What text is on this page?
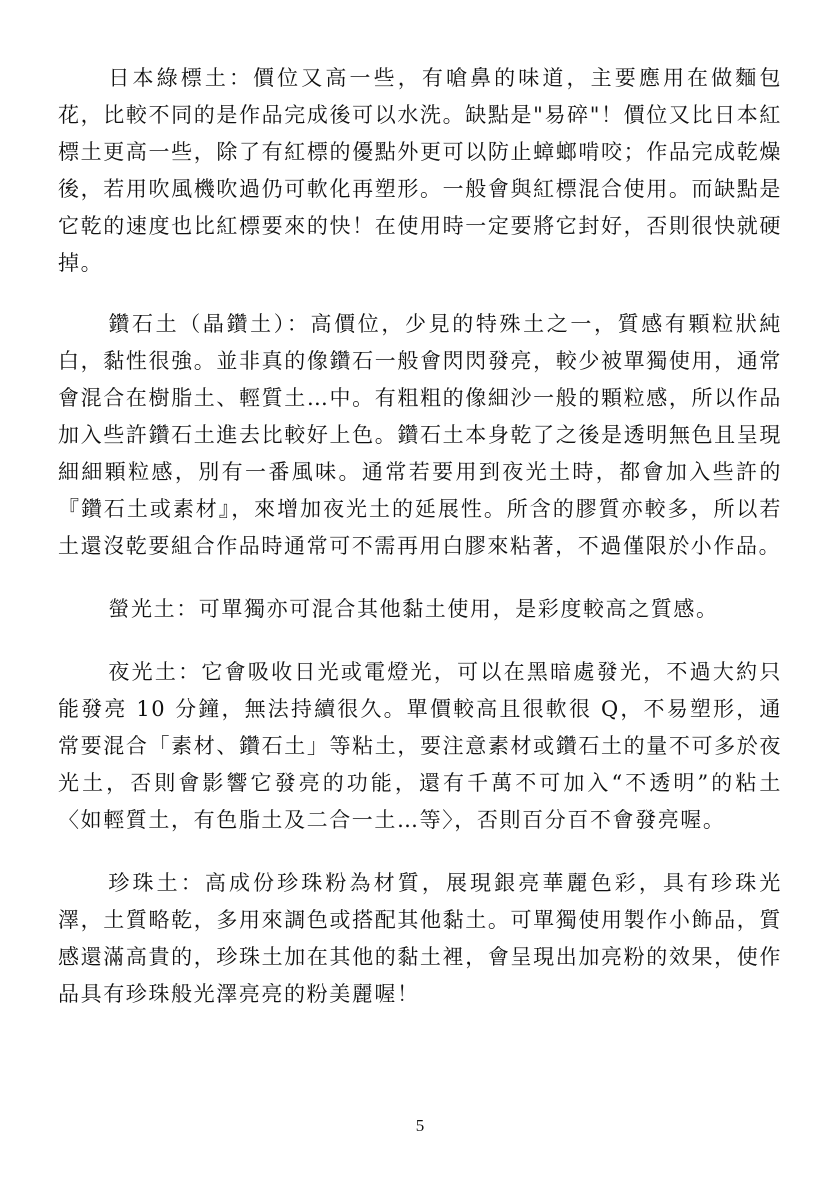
日本綠標土：價位又高一些，有嗆鼻的味道，主要應用在做麵包花，比較不同的是作品完成後可以水洗。缺點是"易碎"！價位又比日本紅標土更高一些，除了有紅標的優點外更可以防止蟑螂啃咬；作品完成乾燥後，若用吹風機吹過仍可軟化再塑形。一般會與紅標混合使用。而缺點是它乾的速度也比紅標要來的快！在使用時一定要將它封好，否則很快就硬掉。

鑽石土（晶鑽土）：高價位，少見的特殊土之一，質感有顆粒狀純白，黏性很強。並非真的像鑽石一般會閃閃發亮，較少被單獨使用，通常會混合在樹脂土、輕質土…中。有粗粗的像細沙一般的顆粒感，所以作品加入些許鑽石土進去比較好上色。鑽石土本身乾了之後是透明無色且呈現細細顆粒感，別有一番風味。通常若要用到夜光土時，都會加入些許的『鑽石土或素材』，來增加夜光土的延展性。所含的膠質亦較多，所以若土還沒乾要組合作品時通常可不需再用白膠來粘著，不過僅限於小作品。

螢光土：可單獨亦可混合其他黏土使用，是彩度較高之質感。

夜光土：它會吸收日光或電燈光，可以在黑暗處發光，不過大約只能發亮 10 分鐘，無法持續很久。單價較高且很軟很 Q，不易塑形，通常要混合「素材、鑽石土」等粘土，要注意素材或鑽石土的量不可多於夜光土，否則會影響它發亮的功能，還有千萬不可加入“不透明”的粘土〈如輕質土，有色脂土及二合一土…等〉，否則百分百不會發亮喔。

珍珠土：高成份珍珠粉為材質，展現銀亮華麗色彩，具有珍珠光澤，土質略乾，多用來調色或搭配其他黏土。可單獨使用製作小飾品，質感還滿高貴的，珍珠土加在其他的黏土裡，會呈現出加亮粉的效果，使作品具有珍珠般光澤亮亮的粉美麗喔！

5
